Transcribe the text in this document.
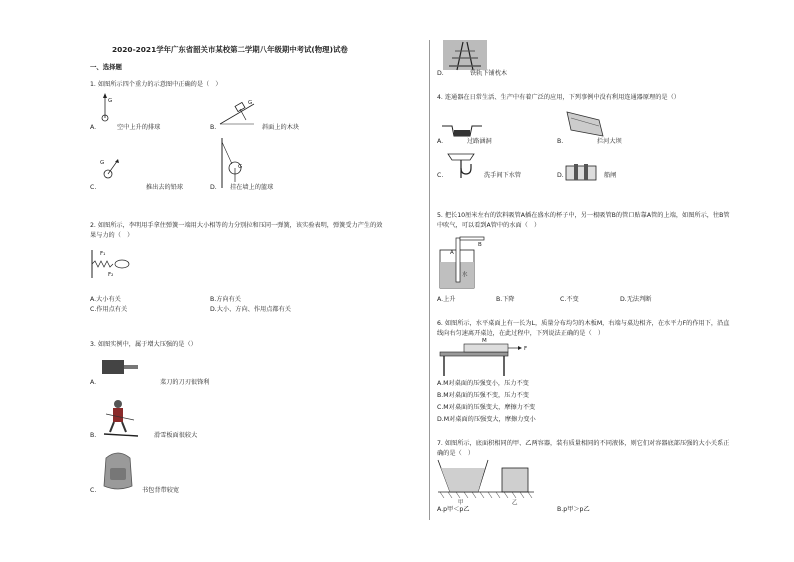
2020-2021学年广东省韶关市某校第二学期八年级期中考试(物理)试卷
一、选择题
1. 如图所示四个重力的示意图中正确的是（　）
G
A.	空中上升的排球
G
B.	斜面上的木块
G
C.	推出去的铅球
G
D. 挂在墙上的篮球
2. 如图所示，李明用手拿住弹簧一端用大小相等的力分别拉和压同一弹簧，该实验表明，弹簧受力产生的效
果与力的（　）
F₁
F₂
A.大小有关	B.方向有关
C.作用点有关	D.大小、方向、作用点都有关
3. 如图实例中，属于增大压强的是（）
A.	菜刀的刀刃很锋利
B.	滑雪板面很较大
C.	书包背带较宽
D.	铁轨下铺枕木
4. 连通器在日常生活、生产中有着广泛的应用，下列事例中没有利用连通器原理的是（）
A.	过路涵洞	B.	拦河大坝
C.	洗手间下水管	D.	船闸
5. 把长10厘米左右的饮料吸管A插在盛水的杯子中，另一根吸管B的管口贴靠A管的上端，如图所示，往B管
中吹气，可以看到A管中的水面（　）
A
B
水
A.上升	B.下降	C.不变	D.无法判断
6. 如图所示，水平桌面上有一长为L，质量分布均匀的木板M，右端与桌边相齐，在水平力F的作用下，沿直
线向右匀速离开桌边，在此过程中，下列说法正确的是（　）
M
F
A.M对桌面的压强变小，压力不变
B.M对桌面的压强不变，压力不变
C.M对桌面的压强变大，摩擦力不变
D.M对桌面的压强变大，摩擦力变小
7. 如图所示，底面积相同的甲、乙两容器，装有质量相同的不同液体，则它们对容器底部压强的大小关系正
确的是（　）
甲	乙
A.p甲＜p乙	B.p甲＞p乙
